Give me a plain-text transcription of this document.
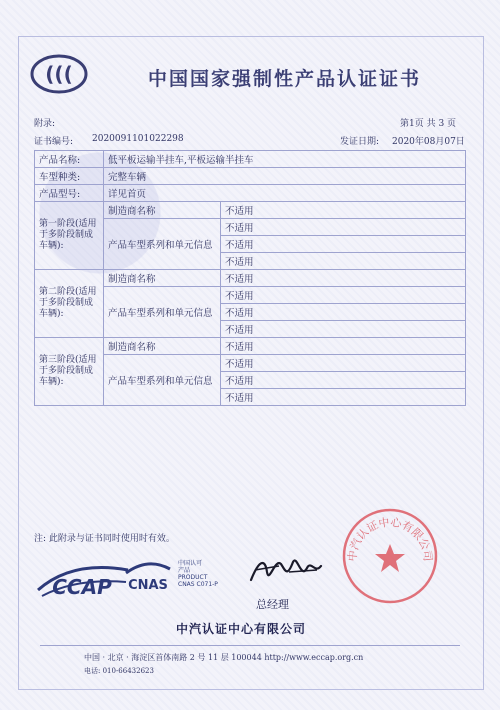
(((	中国国家强制性产品认证证书
附录:	第1页 共 3 页
证书编号: 2020091101022298	发证日期: 2020年08月07日
产品名称:	低平板运输半挂车,平板运输半挂车	
车型种类:	完整车辆	
产品型号:	详见首页	
第一阶段(适用于多阶段制成车辆):	制造商名称	不适用
	产品车型系列和单元信息	不适用
		不适用
		不适用
第二阶段(适用于多阶段制成车辆):	制造商名称	不适用
	产品车型系列和单元信息	不适用
		不适用
		不适用
第三阶段(适用于多阶段制成车辆):	制造商名称	不适用
	产品车型系列和单元信息	不适用
		不适用
		不适用
注: 此附录与证书同时使用时有效。
CCAP CNAS
中国认可
产品
PRODUCT
CNAS C071-P
总经理
中汽认证中心有限公司
中汽认证中心有限公司
中国 · 北京 · 海淀区首体南路 2 号 11 层 100044 http://www.eccap.org.cn
电话: 010-66432623
